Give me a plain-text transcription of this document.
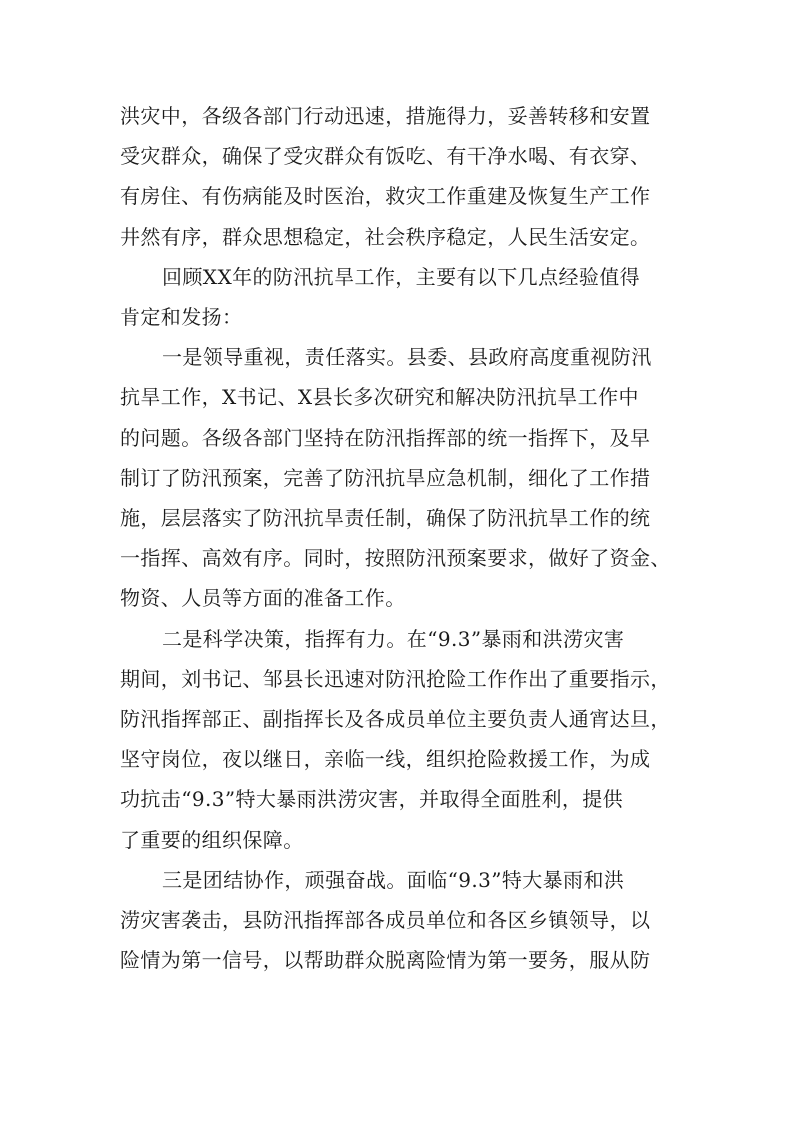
洪灾中，各级各部门行动迅速，措施得力，妥善转移和安置
受灾群众，确保了受灾群众有饭吃、有干净水喝、有衣穿、
有房住、有伤病能及时医治，救灾工作重建及恢复生产工作
井然有序，群众思想稳定，社会秩序稳定，人民生活安定。

回顾XX年的防汛抗旱工作，主要有以下几点经验值得
肯定和发扬：

一是领导重视，责任落实。县委、县政府高度重视防汛
抗旱工作，X书记、X县长多次研究和解决防汛抗旱工作中
的问题。各级各部门坚持在防汛指挥部的统一指挥下，及早
制订了防汛预案，完善了防汛抗旱应急机制，细化了工作措
施，层层落实了防汛抗旱责任制，确保了防汛抗旱工作的统
一指挥、高效有序。同时，按照防汛预案要求，做好了资金、
物资、人员等方面的准备工作。

二是科学决策，指挥有力。在“9.3”暴雨和洪涝灾害
期间，刘书记、邹县长迅速对防汛抢险工作作出了重要指示，
防汛指挥部正、副指挥长及各成员单位主要负责人通宵达旦，
坚守岗位，夜以继日，亲临一线，组织抢险救援工作，为成
功抗击“9.3”特大暴雨洪涝灾害，并取得全面胜利，提供
了重要的组织保障。

三是团结协作，顽强奋战。面临“9.3”特大暴雨和洪
涝灾害袭击，县防汛指挥部各成员单位和各区乡镇领导，以
险情为第一信号，以帮助群众脱离险情为第一要务，服从防
